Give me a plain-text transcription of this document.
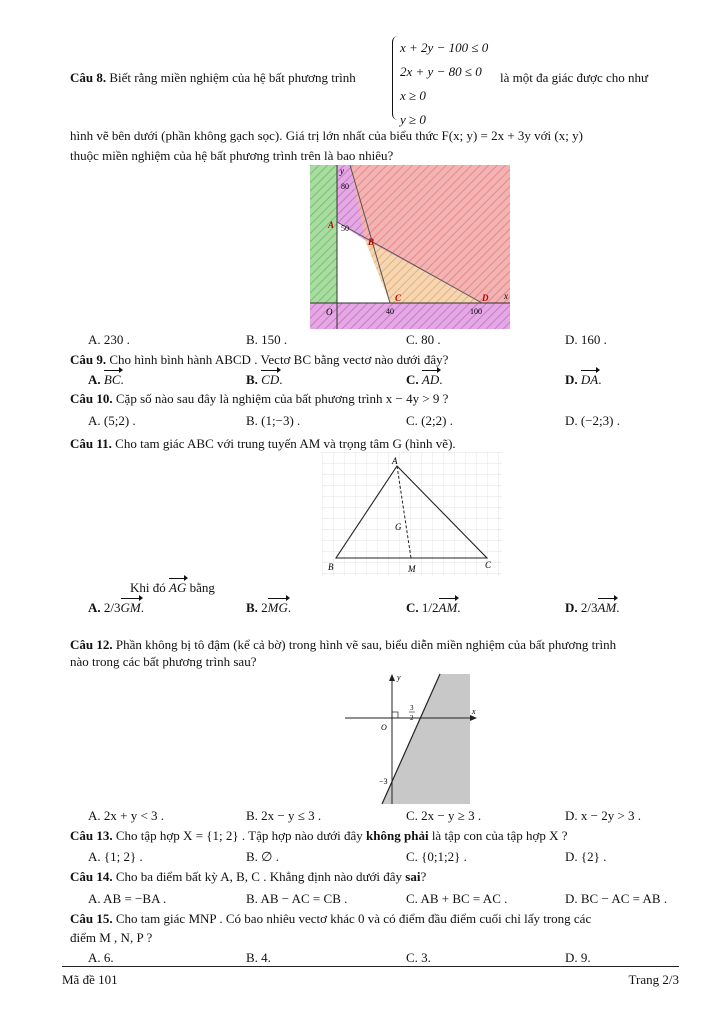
Câu 8. Biết rằng miền nghiệm của hệ bất phương trình
x + 2y − 100 ≤ 0
2x + y − 80 ≤ 0
x ≥ 0
y ≥ 0
là một đa giác được cho như
hình vẽ bên dưới (phần không gạch sọc). Giá trị lớn nhất của biểu thức F(x; y) = 2x + 3y với (x; y)
thuộc miền nghiệm của hệ bất phương trình trên là bao nhiêu?
y
x
O
80
50
40	100
A
B
C	D
A. 230 .	B. 150 .	C. 80 .	D. 160 .
Câu 9. Cho hình bình hành ABCD . Vectơ BC bằng vectơ nào dưới đây?
A. BC.	B. CD.	C. AD.	D. DA.
Câu 10. Cặp số nào sau đây là nghiệm của bất phương trình x − 4y > 9 ?
A. (5;2) .	B. (1;−3) .	C. (2;2) .	D. (−2;3) .
Câu 11. Cho tam giác ABC với trung tuyến AM và trọng tâm G (hình vẽ).
A
B	C
G
M
Khi đó AG bằng
A. 2/3GM.	B. 2MG.	C. 1/2AM.	D. 2/3AM.
Câu 12. Phần không bị tô đậm (kể cả bờ) trong hình vẽ sau, biểu diễn miền nghiệm của bất phương trình
nào trong các bất phương trình sau?
y
x
O
3
2
−3
A. 2x + y < 3 .	B. 2x − y ≤ 3 .	C. 2x − y ≥ 3 .	D. x − 2y > 3 .
Câu 13. Cho tập hợp X = {1; 2} . Tập hợp nào dưới đây không phải là tập con của tập hợp X ?
A. {1; 2} .	B. ∅ .	C. {0;1;2} .	D. {2} .
Câu 14. Cho ba điểm bất kỳ A, B, C . Khẳng định nào dưới đây sai?
A. AB = −BA .	B. AB − AC = CB .	C. AB + BC = AC .	D. BC − AC = AB .
Câu 15. Cho tam giác MNP . Có bao nhiêu vectơ khác 0 và có điểm đầu điểm cuối chỉ lấy trong các
điểm M , N, P ?
A. 6.	B. 4.	C. 3.	D. 9.
Mã đề 101	Trang 2/3
